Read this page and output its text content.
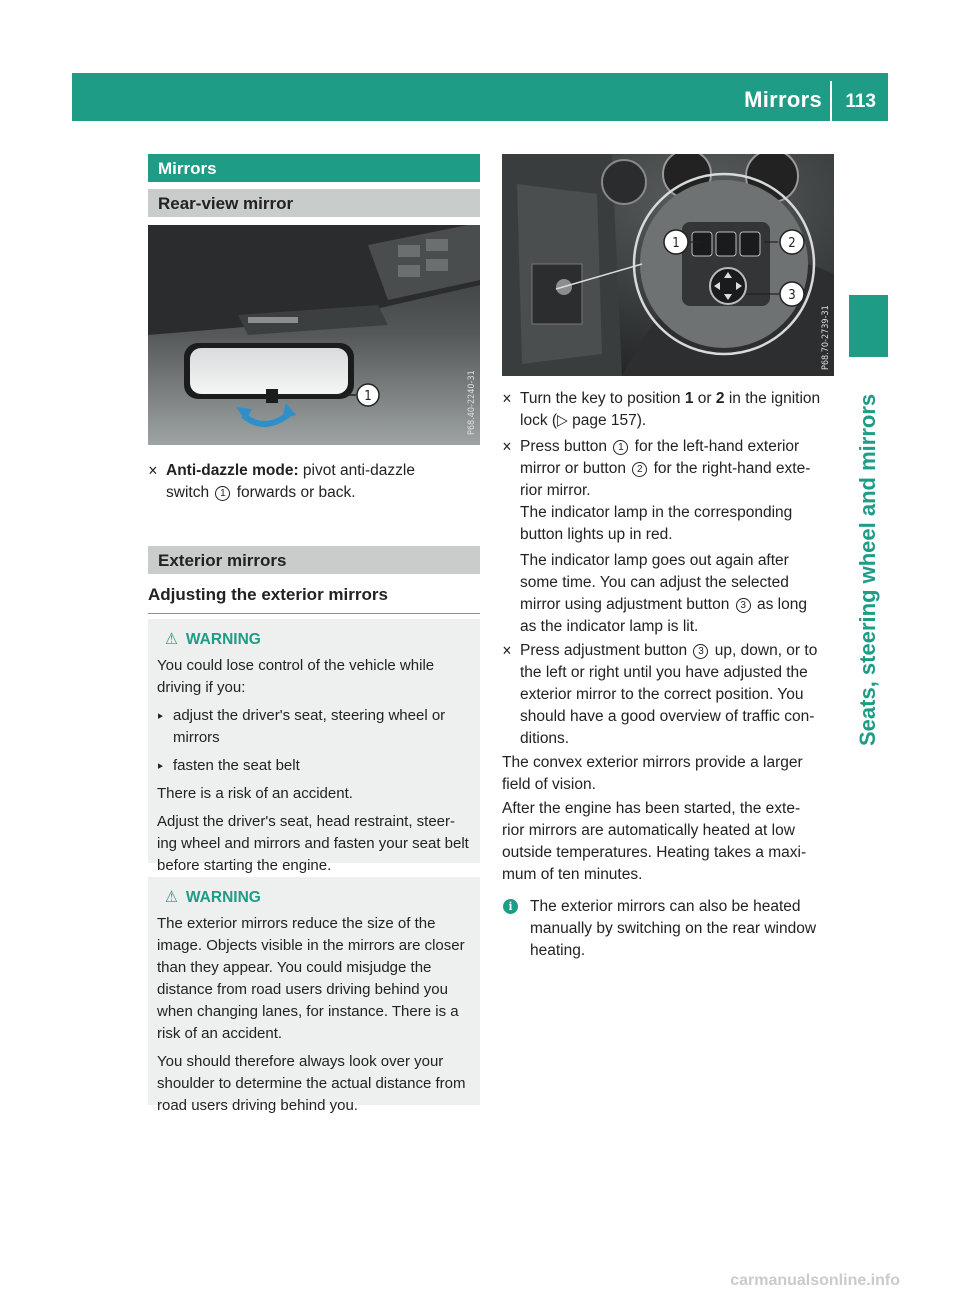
Mirrors 113
Seats, steering wheel and mirrors
Mirrors
Rear-view mirror
1	P68.40-2240-31
✕ Anti-dazzle mode: pivot anti-dazzle
switch 1 forwards or back.
Exterior mirrors
Adjusting the exterior mirrors
⚠ WARNING
You could lose control of the vehicle while driving if you:
▸ adjust the driver's seat, steering wheel or mirrors
▸ fasten the seat belt
There is a risk of an accident.
Adjust the driver's seat, head restraint, steer-ing wheel and mirrors and fasten your seat belt before starting the engine.
⚠ WARNING
The exterior mirrors reduce the size of the image. Objects visible in the mirrors are closer than they appear. You could misjudge the distance from road users driving behind you when changing lanes, for instance. There is a risk of an accident.
You should therefore always look over your shoulder to determine the actual distance from road users driving behind you.
1	2
3
P68.70-2739-31
✕ Turn the key to position 1 or 2 in the ignition
lock (▷ page 157).
✕ Press button 1 for the left-hand exterior
mirror or button 2 for the right-hand exte-
rior mirror.
The indicator lamp in the corresponding
button lights up in red.

The indicator lamp goes out again after
some time. You can adjust the selected
mirror using adjustment button 3 as long
as the indicator lamp is lit.
✕ Press adjustment button 3 up, down, or to
the left or right until you have adjusted the
exterior mirror to the correct position. You
should have a good overview of traffic con-
ditions.
The convex exterior mirrors provide a larger
field of vision.
After the engine has been started, the exte-
rior mirrors are automatically heated at low
outside temperatures. Heating takes a maxi-
mum of ten minutes.
i	The exterior mirrors can also be heated
manually by switching on the rear window
heating.
carmanualsonline.info
